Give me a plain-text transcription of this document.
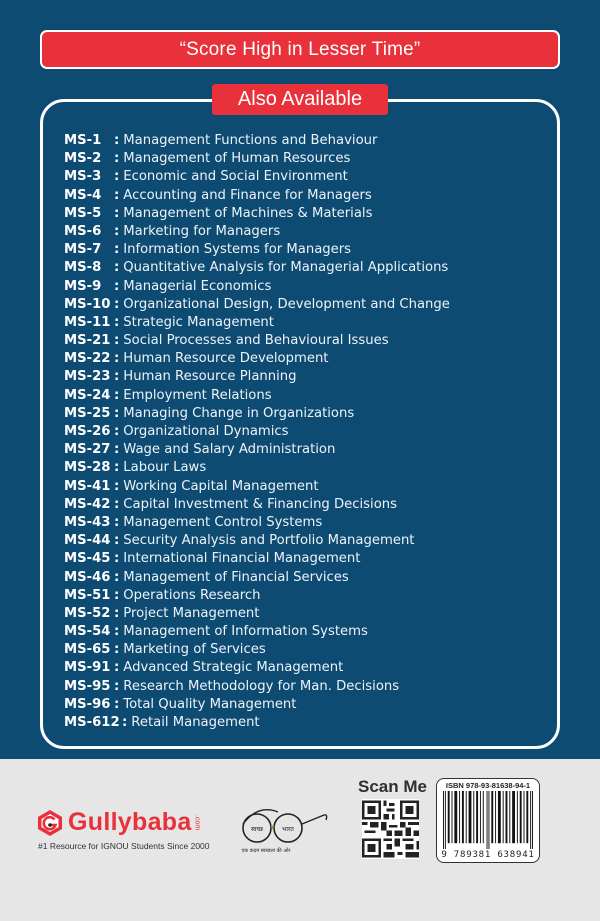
“Score High in Lesser Time”
Also Available
MS-1 : Management Functions and Behaviour
MS-2 : Management of Human Resources
MS-3 : Economic and Social Environment
MS-4 : Accounting and Finance for Managers
MS-5 : Management of Machines & Materials
MS-6 : Marketing for Managers
MS-7 : Information Systems for Managers
MS-8 : Quantitative Analysis for Managerial Applications
MS-9 : Managerial Economics
MS-10 : Organizational Design, Development and Change
MS-11 : Strategic Management
MS-21 : Social Processes and Behavioural Issues
MS-22 : Human Resource Development
MS-23 : Human Resource Planning
MS-24 : Employment Relations
MS-25 : Managing Change in Organizations
MS-26 : Organizational Dynamics
MS-27 : Wage and Salary Administration
MS-28 : Labour Laws
MS-41 : Working Capital Management
MS-42 : Capital Investment & Financing Decisions
MS-43 : Management Control Systems
MS-44 : Security Analysis and Portfolio Management
MS-45 : International Financial Management
MS-46 : Management of Financial Services
MS-51 : Operations Research
MS-52 : Project Management
MS-54 : Management of Information Systems
MS-65 : Marketing of Services
MS-91 : Advanced Strategic Management
MS-95 : Research Methodology for Man. Decisions
MS-96 : Total Quality Management
MS-612 : Retail Management
Gullybaba .com
#1 Resource for IGNOU Students Since 2000
स्वच्छ	भारत
एक कदम स्वच्छता की ओर
Scan Me	ISBN 978-93-81638-94-1
9 789381 638941
